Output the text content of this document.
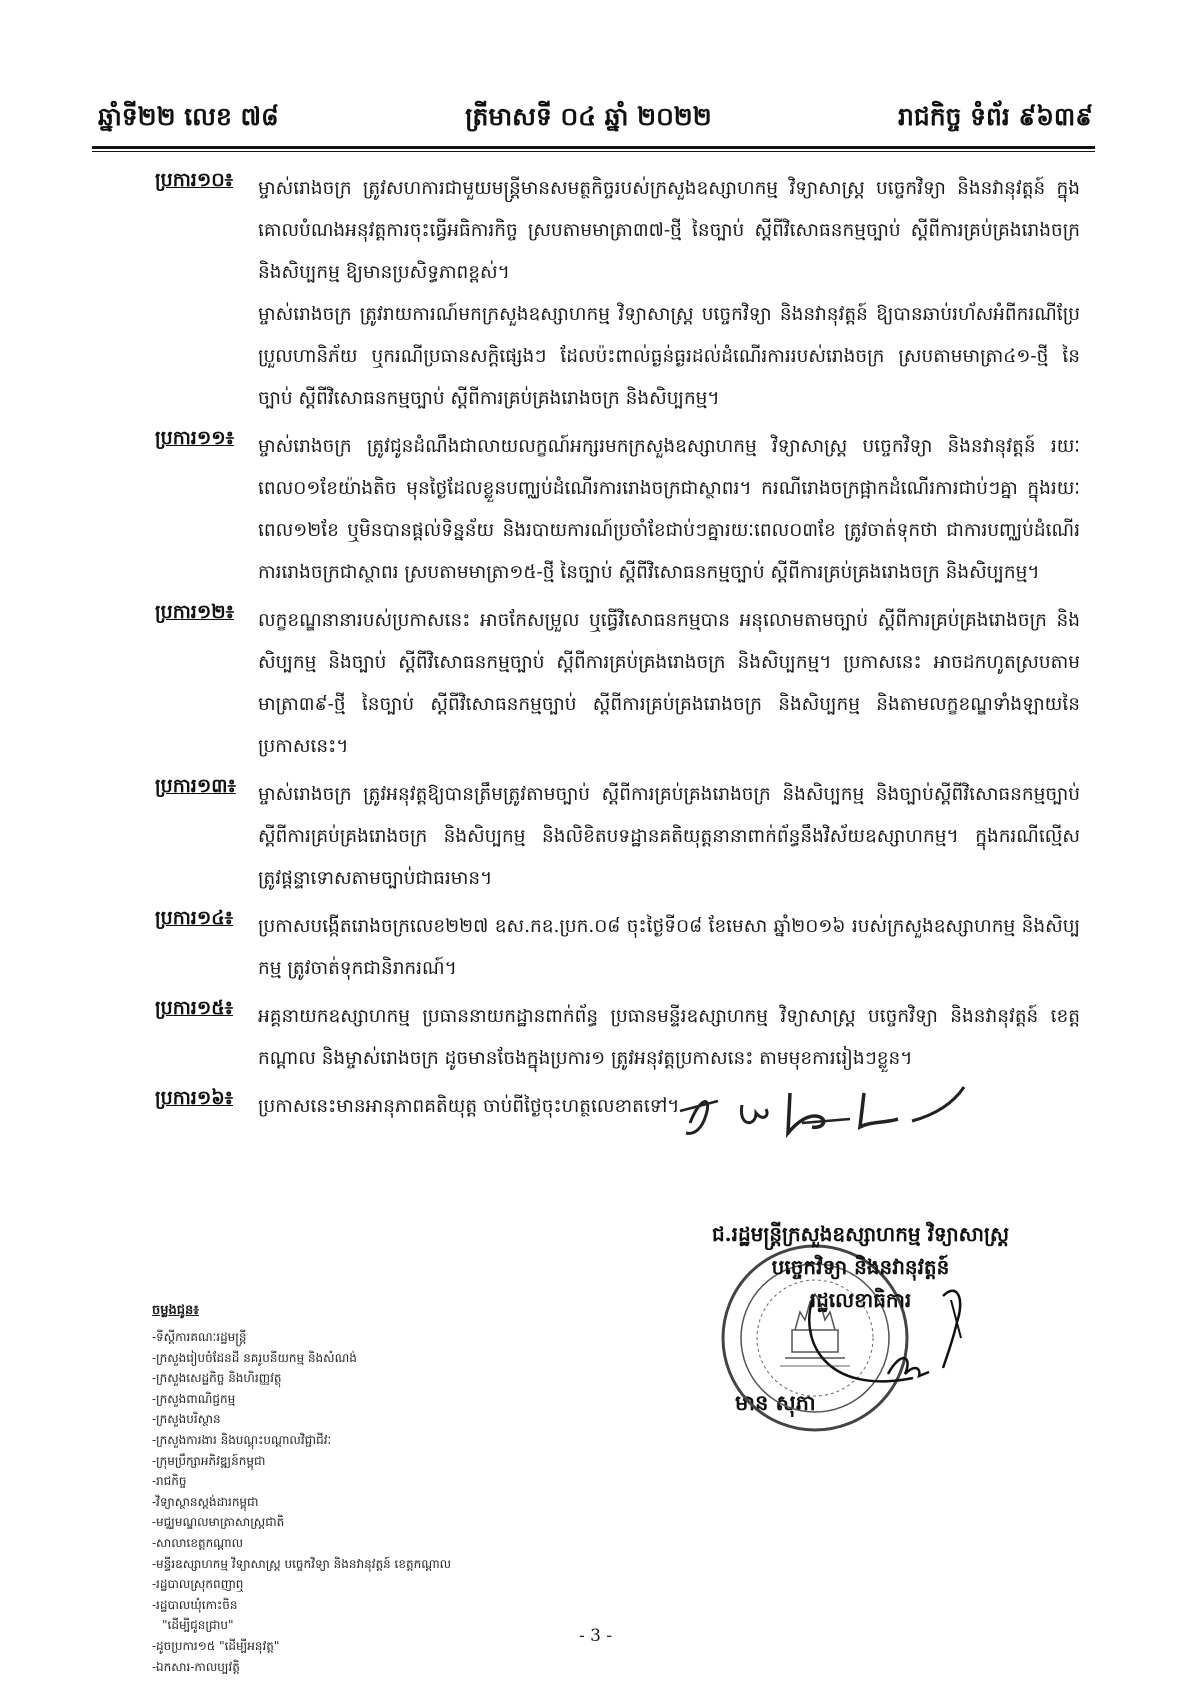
ឆ្នាំទី២២ លេខ ៧៨	ត្រីមាសទី ០៤ ឆ្នាំ ២០២២	រាជកិច្ច ទំព័រ ៩៦៣៩
ប្រការ១០៖ ម្ចាស់រោងចក្រ ត្រូវសហការជាមួយមន្ត្រីមានសមត្ថកិច្ចរបស់ក្រសួងឧស្សាហកម្ម វិទ្យាសាស្ត្រ បច្ចេកវិទ្យា និងនវានុវត្តន៍ ក្នុងគោលបំណងអនុវត្តការចុះធ្វើអធិការកិច្ច ស្របតាមមាត្រា៣៧-ថ្មី នៃច្បាប់ ស្តីពីវិសោធនកម្មច្បាប់ ស្តីពីការគ្រប់គ្រងរោងចក្រ និងសិប្បកម្ម ឱ្យមានប្រសិទ្ធភាពខ្ពស់។

ម្ចាស់រោងចក្រ ត្រូវរាយការណ៍មកក្រសួងឧស្សាហកម្ម វិទ្យាសាស្ត្រ បច្ចេកវិទ្យា និងនវានុវត្តន៍ ឱ្យបានឆាប់រហ័សអំពីករណីប្រែប្រួលហានិភ័យ ឬករណីប្រធានសក្តិផ្សេងៗ ដែលប៉ះពាល់ធ្ងន់ធ្ងរដល់ដំណើរការរបស់រោងចក្រ ស្របតាមមាត្រា៤១-ថ្មី នៃច្បាប់ ស្តីពីវិសោធនកម្មច្បាប់ ស្តីពីការគ្រប់គ្រងរោងចក្រ និងសិប្បកម្ម។

ប្រការ១១៖ ម្ចាស់រោងចក្រ ត្រូវជូនដំណឹងជាលាយលក្ខណ៍អក្សរមកក្រសួងឧស្សាហកម្ម វិទ្យាសាស្ត្រ បច្ចេកវិទ្យា និងនវានុវត្តន៍ រយៈពេល០១ខែយ៉ាងតិច មុនថ្ងៃដែលខ្លួនបញ្ឈប់ដំណើរការរោងចក្រជាស្ថាពរ។ ករណីរោងចក្រផ្អាកដំណើរការជាប់ៗគ្នា ក្នុងរយៈពេល១២ខែ ឬមិនបានផ្តល់ទិន្នន័យ និងរបាយការណ៍ប្រចាំខែជាប់ៗគ្នារយៈពេល០៣ខែ ត្រូវចាត់ទុកថា ជាការបញ្ឈប់ដំណើរការរោងចក្រជាស្ថាពរ ស្របតាមមាត្រា១៥-ថ្មី នៃច្បាប់ ស្តីពីវិសោធនកម្មច្បាប់ ស្តីពីការគ្រប់គ្រងរោងចក្រ និងសិប្បកម្ម។

ប្រការ១២៖ លក្ខខណ្ឌនានារបស់ប្រកាសនេះ អាចកែសម្រួល ឬធ្វើវិសោធនកម្មបាន អនុលោមតាមច្បាប់ ស្តីពីការគ្រប់គ្រងរោងចក្រ និងសិប្បកម្ម និងច្បាប់ ស្តីពីវិសោធនកម្មច្បាប់ ស្តីពីការគ្រប់គ្រងរោងចក្រ និងសិប្បកម្ម។ ប្រកាសនេះ អាចដកហូតស្របតាមមាត្រា៣៩-ថ្មី នៃច្បាប់ ស្តីពីវិសោធនកម្មច្បាប់ ស្តីពីការគ្រប់គ្រងរោងចក្រ និងសិប្បកម្ម និងតាមលក្ខខណ្ឌទាំងឡាយនៃប្រកាសនេះ។

ប្រការ១៣៖ ម្ចាស់រោងចក្រ ត្រូវអនុវត្តឱ្យបានត្រឹមត្រូវតាមច្បាប់ ស្តីពីការគ្រប់គ្រងរោងចក្រ និងសិប្បកម្ម និងច្បាប់ស្តីពីវិសោធនកម្មច្បាប់ ស្តីពីការគ្រប់គ្រងរោងចក្រ និងសិប្បកម្ម និងលិខិតបទដ្ឋានគតិយុត្តនានាពាក់ព័ន្ធនឹងវិស័យឧស្សាហកម្ម។ ក្នុងករណីល្មើស ត្រូវផ្តន្ទាទោសតាមច្បាប់ជាធរមាន។

ប្រការ១៤៖ ប្រកាសបង្កើតរោងចក្រលេខ២២៧ ឧស.កឧ.ប្រក.០៨ ចុះថ្ងៃទី០៨ ខែមេសា ឆ្នាំ២០១៦ របស់ក្រសួងឧស្សាហកម្ម និងសិប្បកម្ម ត្រូវចាត់ទុកជានិរាករណ៍។

ប្រការ១៥៖ អគ្គនាយកឧស្សាហកម្ម ប្រធាននាយកដ្ឋានពាក់ព័ន្ធ ប្រធានមន្ទីរឧស្សាហកម្ម វិទ្យាសាស្ត្រ បច្ចេកវិទ្យា និងនវានុវត្តន៍ ខេត្តកណ្តាល និងម្ចាស់រោងចក្រ ដូចមានចែងក្នុងប្រការ១ ត្រូវអនុវត្តប្រកាសនេះ តាមមុខការរៀងៗខ្លួន។

ប្រការ១៦៖ ប្រកាសនេះមានអានុភាពគតិយុត្ត ចាប់ពីថ្ងៃចុះហត្ថលេខាតទៅ។

ចម្លងជូន៖
-ទីស្តីការគណៈរដ្ឋមន្ត្រី
-ក្រសួងរៀបចំដែនដី នគរូបនីយកម្ម និងសំណង់
-ក្រសួងសេដ្ឋកិច្ច និងហិរញ្ញវត្ថុ
-ក្រសួងពាណិជ្ជកម្ម
-ក្រសួងបរិស្ថាន
-ក្រសួងការងារ និងបណ្តុះបណ្តាលវិជ្ជាជីវៈ
-ក្រុមប្រឹក្សាអភិវឌ្ឍន៍កម្ពុជា
-រាជកិច្ច
-វិទ្យាស្ថានស្តង់ដារកម្ពុជា
-មជ្ឈមណ្ឌលមាត្រាសាស្ត្រជាតិ
-សាលាខេត្តកណ្តាល
-មន្ទីរឧស្សាហកម្ម វិទ្យាសាស្ត្រ បច្ចេកវិទ្យា និងនវានុវត្តន៍ ខេត្តកណ្តាល
-រដ្ឋបាលស្រុកពញាឮ
-រដ្ឋបាលឃុំកោះចិន
"ដើម្បីជូនជ្រាប"
-ដូចប្រការ១៥ "ដើម្បីអនុវត្ត"
-ឯកសារ-កាលប្បវត្តិ
ជ.រដ្ឋមន្ត្រីក្រសួងឧស្សាហកម្ម វិទ្យាសាស្ត្រ
បច្ចេកវិទ្យា និងនវានុវត្តន៍
រដ្ឋលេខាធិការ
មាន សុភា
- 3 -
